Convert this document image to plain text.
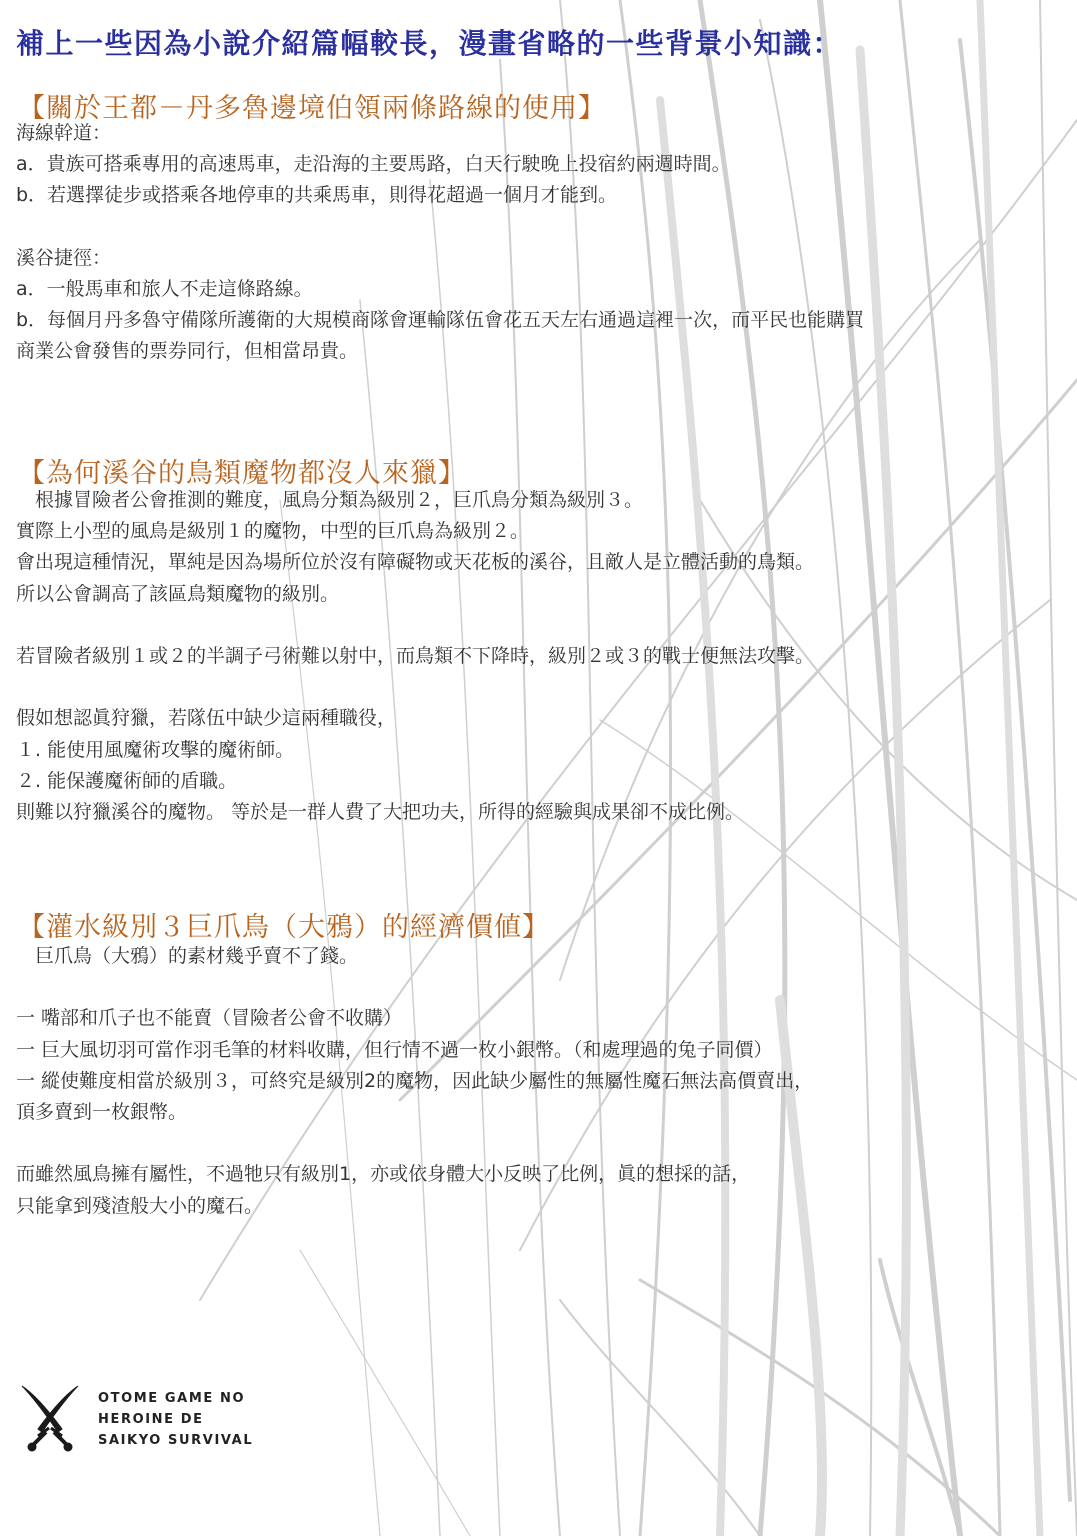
補上一些因為小說介紹篇幅較長，漫畫省略的一些背景小知識：
【關於王都－丹多魯邊境伯領兩條路線的使用】
海線幹道：
a．貴族可搭乘專用的高速馬車，走沿海的主要馬路，白天行駛晚上投宿約兩週時間。
b．若選擇徒步或搭乘各地停車的共乘馬車，則得花超過一個月才能到。
溪谷捷徑：
a．一般馬車和旅人不走這條路線。
b．每個月丹多魯守備隊所護衛的大規模商隊會運輸隊伍會花五天左右通過這裡一次，而平民也能購買
商業公會發售的票券同行，但相當昂貴。
【為何溪谷的鳥類魔物都沒人來獵】
　根據冒險者公會推測的難度，風鳥分類為級別２，巨爪鳥分類為級別３。
實際上小型的風鳥是級別１的魔物，中型的巨爪鳥為級別２。
會出現這種情況，單純是因為場所位於沒有障礙物或天花板的溪谷，且敵人是立體活動的鳥類。
所以公會調高了該區鳥類魔物的級別。
若冒險者級別１或２的半調子弓術難以射中，而鳥類不下降時，級別２或３的戰士便無法攻擊。
假如想認眞狩獵，若隊伍中缺少這兩種職役，
１. 能使用風魔術攻擊的魔術師。
２. 能保護魔術師的盾職。
則難以狩獵溪谷的魔物。 等於是一群人費了大把功夫，所得的經驗與成果卻不成比例。
【灌水級別３巨爪鳥（大鴉）的經濟價値】
　巨爪鳥（大鴉）的素材幾乎賣不了錢。
一 嘴部和爪子也不能賣（冒險者公會不收購）
一 巨大風切羽可當作羽毛筆的材料收購，但行情不過一枚小銀幣。（和處理過的兔子同價）
一 縱使難度相當於級別３，可終究是級別2的魔物，因此缺少屬性的無屬性魔石無法高價賣出，
頂多賣到一枚銀幣。
而雖然風鳥擁有屬性，不過牠只有級別1，亦或依身體大小反映了比例，眞的想採的話，
只能拿到殘渣般大小的魔石。
OTOME GAME NO
HEROINE DE
SAIKYO SURVIVAL
